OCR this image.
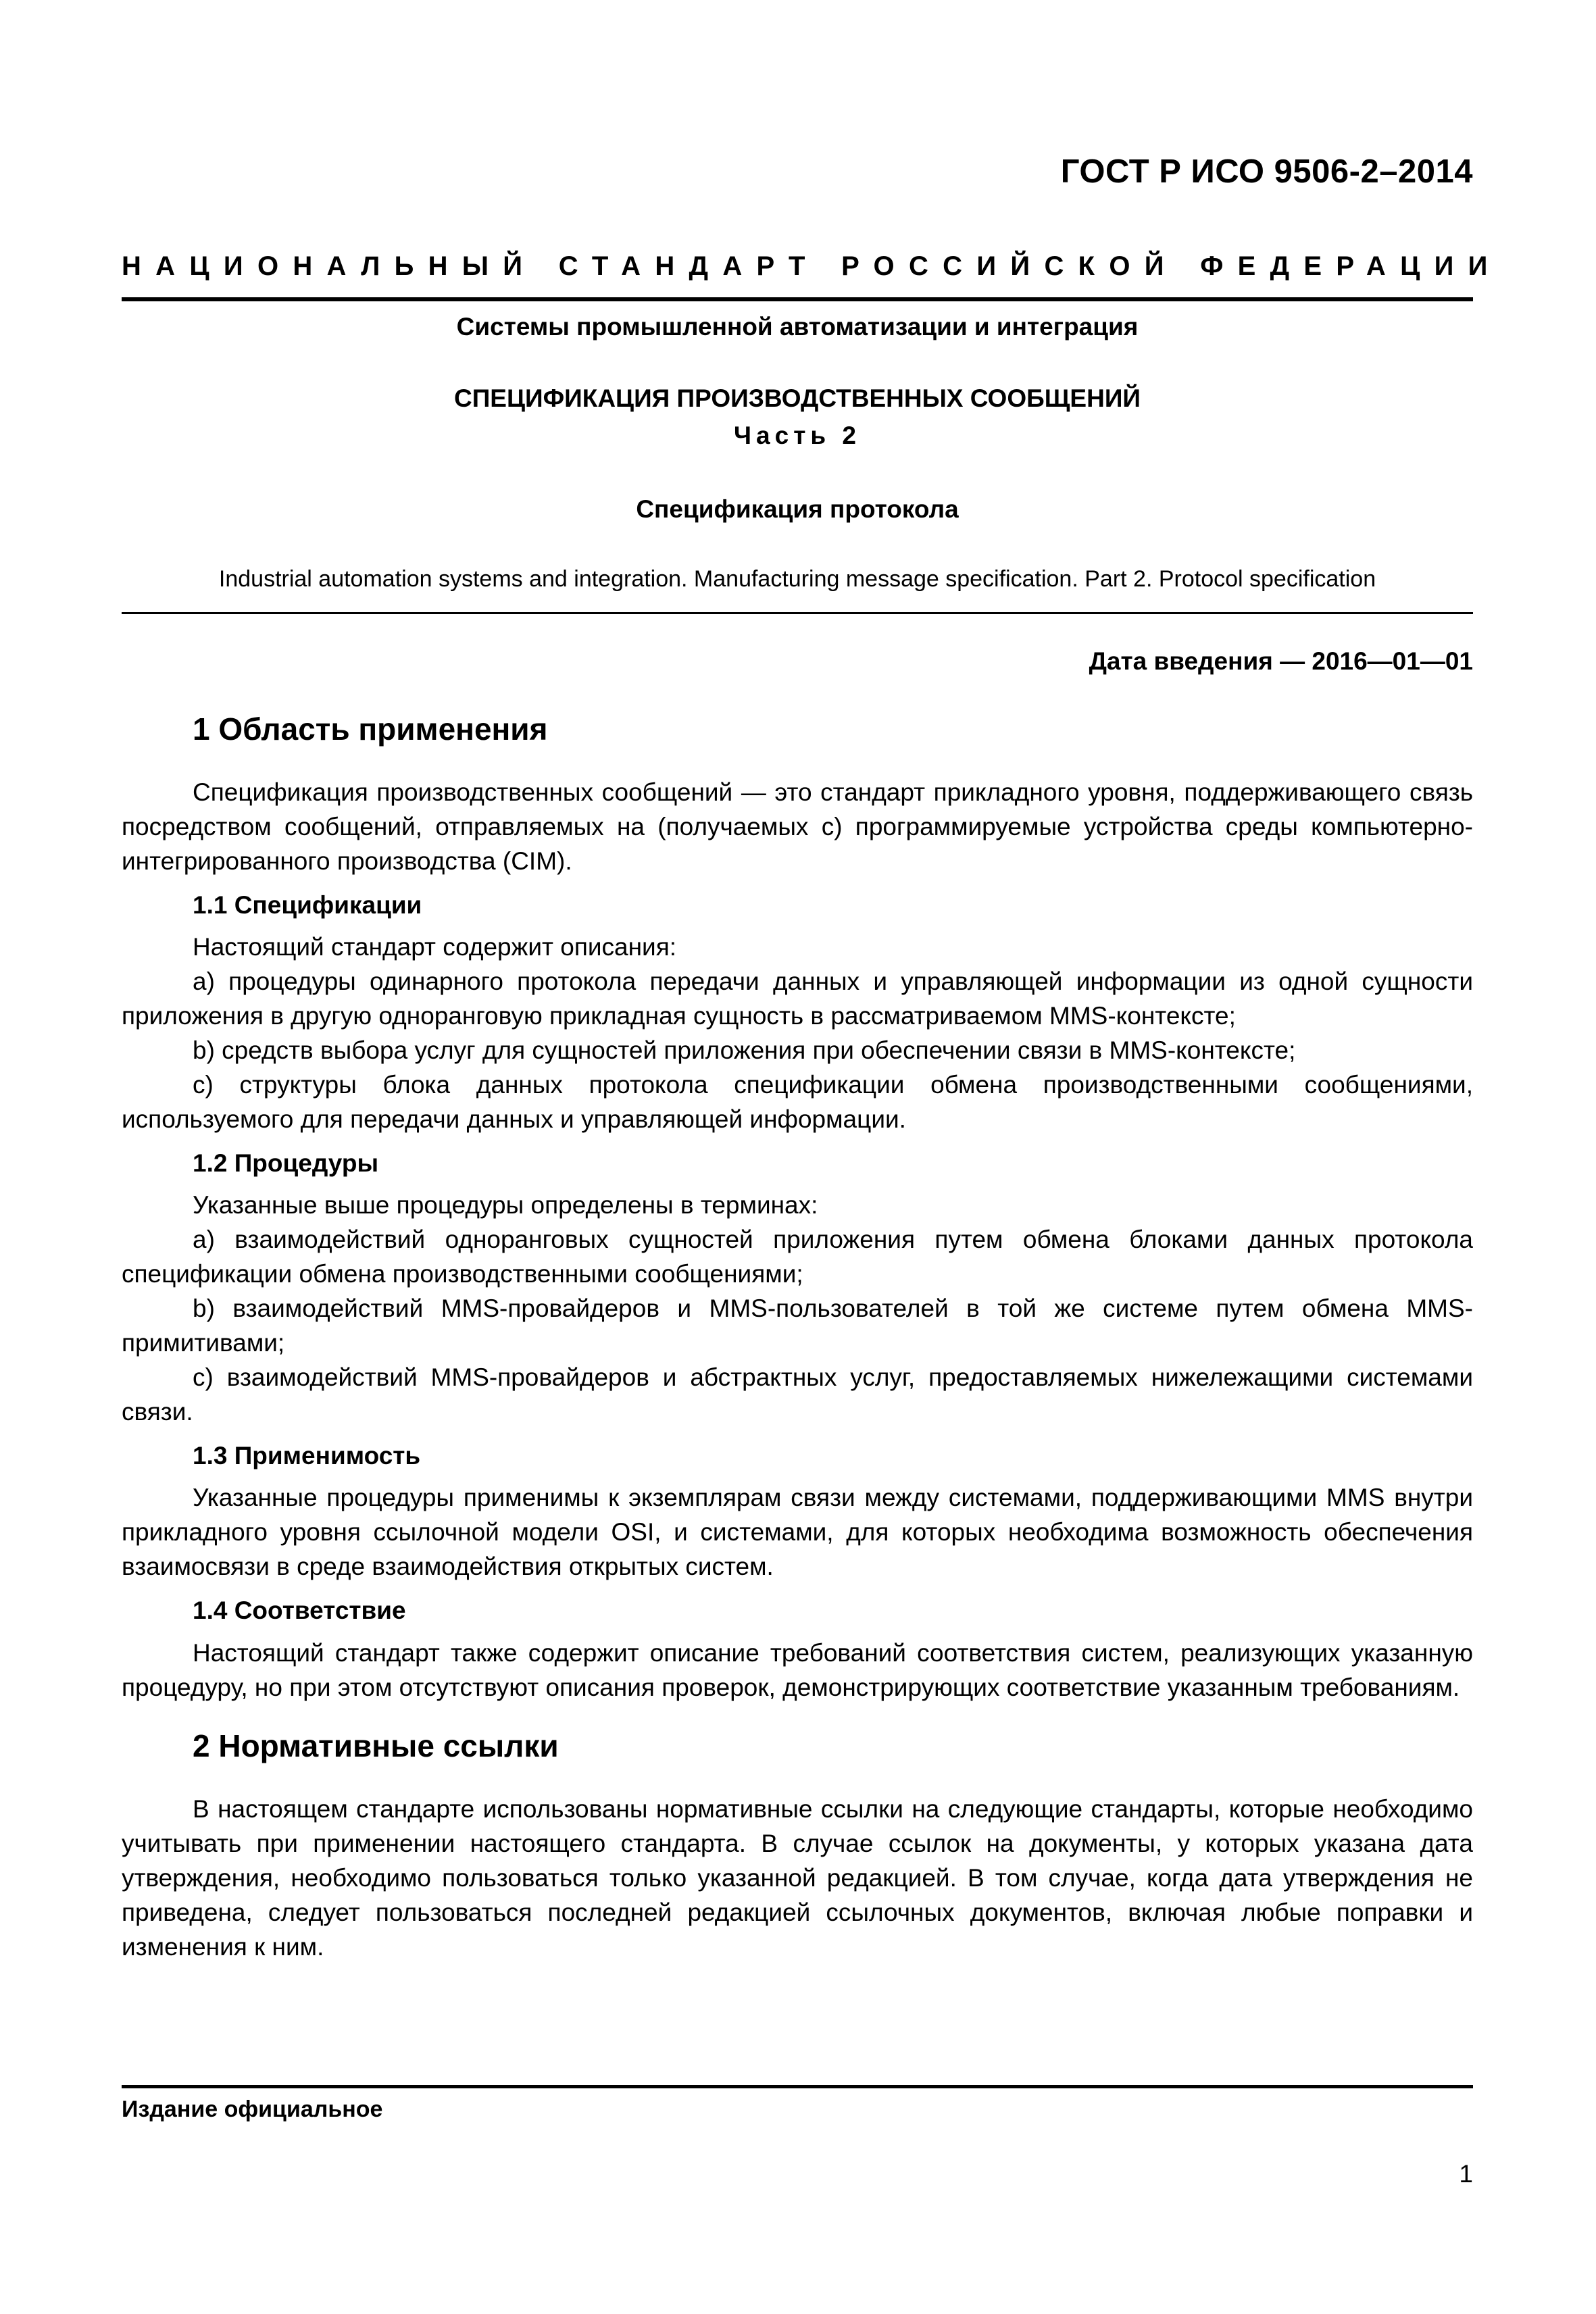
ГОСТ Р ИСО 9506-2–2014
НАЦИОНАЛЬНЫЙ СТАНДАРТ РОССИЙСКОЙ ФЕДЕРАЦИИ
Системы промышленной автоматизации и интеграция
СПЕЦИФИКАЦИЯ ПРОИЗВОДСТВЕННЫХ СООБЩЕНИЙ
Часть 2
Спецификация протокола
Industrial automation systems and integration. Manufacturing message specification. Part 2. Protocol specification
Дата введения — 2016—01—01
1 Область применения

Спецификация производственных сообщений — это стандарт прикладного уровня, поддерживающего связь посредством сообщений, отправляемых на (получаемых с) программируемые устройства среды компьютерно-интегрированного производства (CIM).

1.1 Спецификации

Настоящий стандарт содержит описания:

а) процедуры одинарного протокола передачи данных и управляющей информации из одной сущности приложения в другую одноранговую прикладная сущность в рассматриваемом MMS-контексте;

b) средств выбора услуг для сущностей приложения при обеспечении связи в MMS-контексте;

с) структуры блока данных протокола спецификации обмена производственными сообщениями, используемого для передачи данных и управляющей информации.

1.2 Процедуры

Указанные выше процедуры определены в терминах:

а) взаимодействий одноранговых сущностей приложения путем обмена блоками данных протокола спецификации обмена производственными сообщениями;

b) взаимодействий MMS-провайдеров и MMS-пользователей в той же системе путем обмена MMS-примитивами;

с) взаимодействий MMS-провайдеров и абстрактных услуг, предоставляемых нижележащими системами связи.

1.3 Применимость

Указанные процедуры применимы к экземплярам связи между системами, поддерживающими MMS внутри прикладного уровня ссылочной модели OSI, и системами, для которых необходима возможность обеспечения взаимосвязи в среде взаимодействия открытых систем.

1.4 Соответствие

Настоящий стандарт также содержит описание требований соответствия систем, реализующих указанную процедуру, но при этом отсутствуют описания проверок, демонстрирующих соответствие указанным требованиям.

2 Нормативные ссылки

В настоящем стандарте использованы нормативные ссылки на следующие стандарты, которые необходимо учитывать при применении настоящего стандарта. В случае ссылок на документы, у которых указана дата утверждения, необходимо пользоваться только указанной редакцией. В том случае, когда дата утверждения не приведена, следует пользоваться последней редакцией ссылочных документов, включая любые поправки и изменения к ним.

Издание официальное
1
